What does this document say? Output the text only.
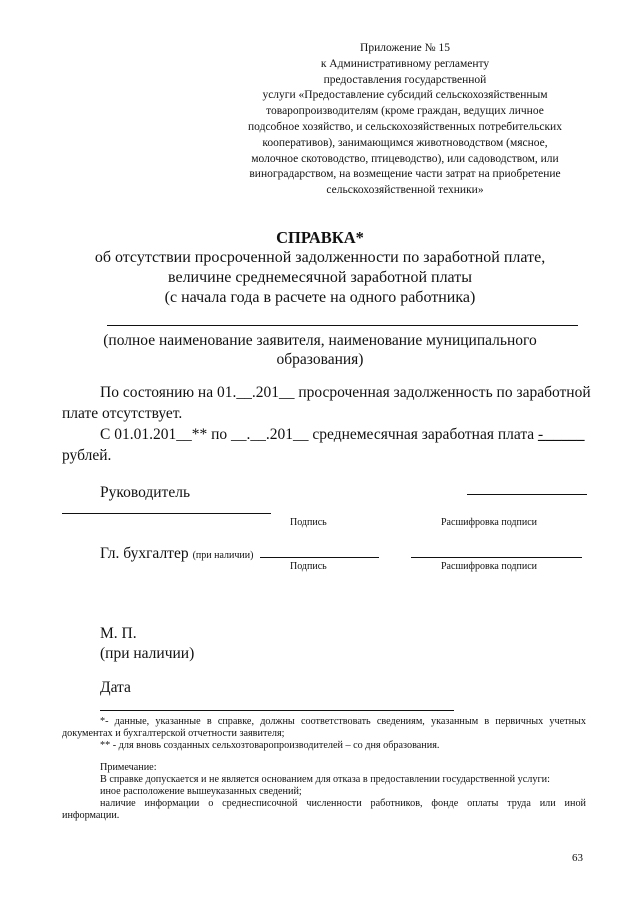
Приложение № 15
к Административному регламенту
предоставления государственной
услуги «Предоставление субсидий сельскохозяйственным
товаропроизводителям (кроме граждан, ведущих личное
подсобное хозяйство, и сельскохозяйственных потребительских
кооперативов), занимающимся животноводством (мясное,
молочное скотоводство, птицеводство), или садоводством, или
виноградарством, на возмещение части затрат на приобретение
сельскохозяйственной техники»
СПРАВКА*
об отсутствии просроченной задолженности по заработной плате,
величине среднемесячной заработной платы
(с начала года в расчете на одного работника)
(полное наименование заявителя, наименование муниципального
образования)
По состоянию на 01.__.201__ просроченная задолженность по заработной
плате отсутствует.
С 01.01.201__** по __.__.201__ среднемесячная заработная плата -
______
рублей.
Руководитель
Подпись	Расшифровка подписи
Гл. бухгалтер (при наличии)
Подпись	Расшифровка подписи
М. П.
(при наличии)
Дата
*- данные, указанные в справке, должны соответствовать сведениям, указанным в первичных учетных
документах и бухгалтерской отчетности заявителя;
** - для вновь созданных сельхозтоваропроизводителей – со дня образования.
Примечание:
В справке допускается и не является основанием для отказа в предоставлении государственной услуги:
иное расположение вышеуказанных сведений;
наличие информации о среднесписочной численности работников, фонде оплаты труда или иной
информации.
63
